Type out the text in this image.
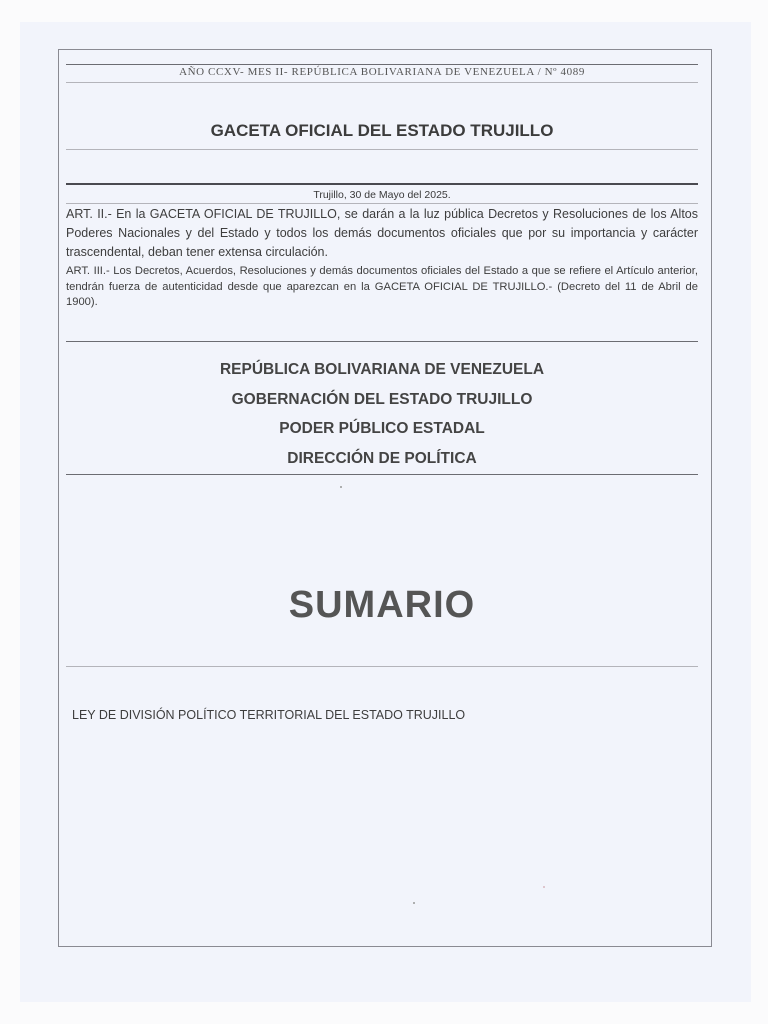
AÑO CCXV- MES II- REPÚBLICA BOLIVARIANA DE VENEZUELA / Nº 4089
GACETA OFICIAL DEL ESTADO TRUJILLO
Trujillo, 30 de Mayo del 2025.

ART. II.- En la GACETA OFICIAL DE TRUJILLO, se darán a la luz pública Decretos y Resoluciones de los Altos Poderes Nacionales y del Estado y todos los demás documentos oficiales que por su importancia y carácter trascendental, deban tener extensa circulación.

ART. III.- Los Decretos, Acuerdos, Resoluciones y demás documentos oficiales del Estado a que se refiere el Artículo anterior, tendrán fuerza de autenticidad desde que aparezcan en la GACETA OFICIAL DE TRUJILLO.- (Decreto del 11 de Abril de 1900).

REPÚBLICA BOLIVARIANA DE VENEZUELA
GOBERNACIÓN DEL ESTADO TRUJILLO
PODER PÚBLICO ESTADAL
DIRECCIÓN DE POLÍTICA
SUMARIO
LEY DE DIVISIÓN POLÍTICO TERRITORIAL DEL ESTADO TRUJILLO
